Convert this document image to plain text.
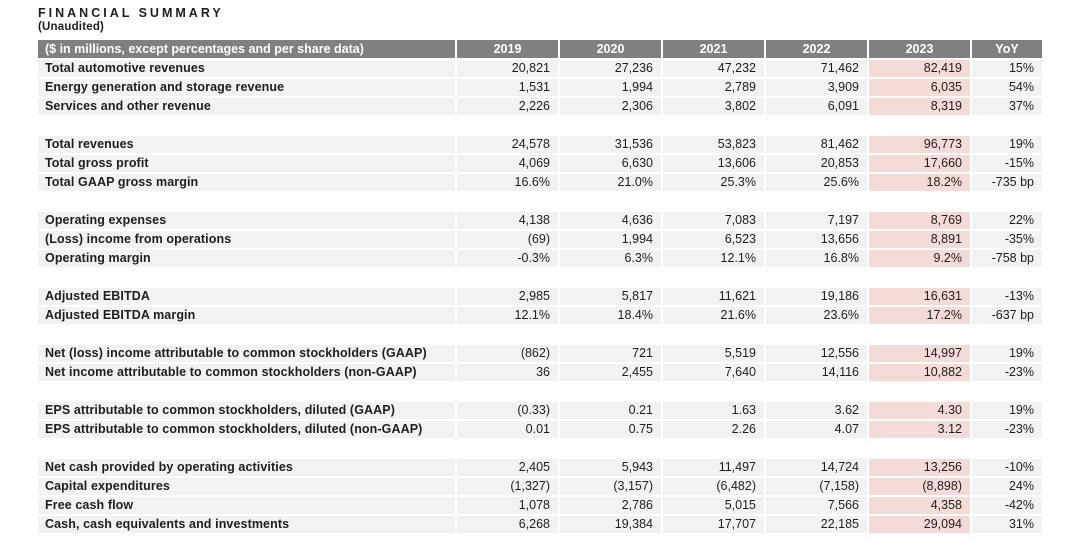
FINANCIAL SUMMARY
(Unaudited)
($ in millions, except percentages and per share data)	2019	2020	2021	2022	2023	YoY
Total automotive revenues	20,821	27,236	47,232	71,462	82,419	15%
Energy generation and storage revenue	1,531	1,994	2,789	3,909	6,035	54%
Services and other revenue	2,226	2,306	3,802	6,091	8,319	37%
Total revenues	24,578	31,536	53,823	81,462	96,773	19%
Total gross profit	4,069	6,630	13,606	20,853	17,660	-15%
Total GAAP gross margin	16.6%	21.0%	25.3%	25.6%	18.2%	-735 bp
Operating expenses	4,138	4,636	7,083	7,197	8,769	22%
(Loss) income from operations	(69)	1,994	6,523	13,656	8,891	-35%
Operating margin	-0.3%	6.3%	12.1%	16.8%	9.2%	-758 bp
Adjusted EBITDA	2,985	5,817	11,621	19,186	16,631	-13%
Adjusted EBITDA margin	12.1%	18.4%	21.6%	23.6%	17.2%	-637 bp
Net (loss) income attributable to common stockholders (GAAP)	(862)	721	5,519	12,556	14,997	19%
Net income attributable to common stockholders (non-GAAP)	36	2,455	7,640	14,116	10,882	-23%
EPS attributable to common stockholders, diluted (GAAP)	(0.33)	0.21	1.63	3.62	4.30	19%
EPS attributable to common stockholders, diluted (non-GAAP)	0.01	0.75	2.26	4.07	3.12	-23%
Net cash provided by operating activities	2,405	5,943	11,497	14,724	13,256	-10%
Capital expenditures	(1,327)	(3,157)	(6,482)	(7,158)	(8,898)	24%
Free cash flow	1,078	2,786	5,015	7,566	4,358	-42%
Cash, cash equivalents and investments	6,268	19,384	17,707	22,185	29,094	31%
